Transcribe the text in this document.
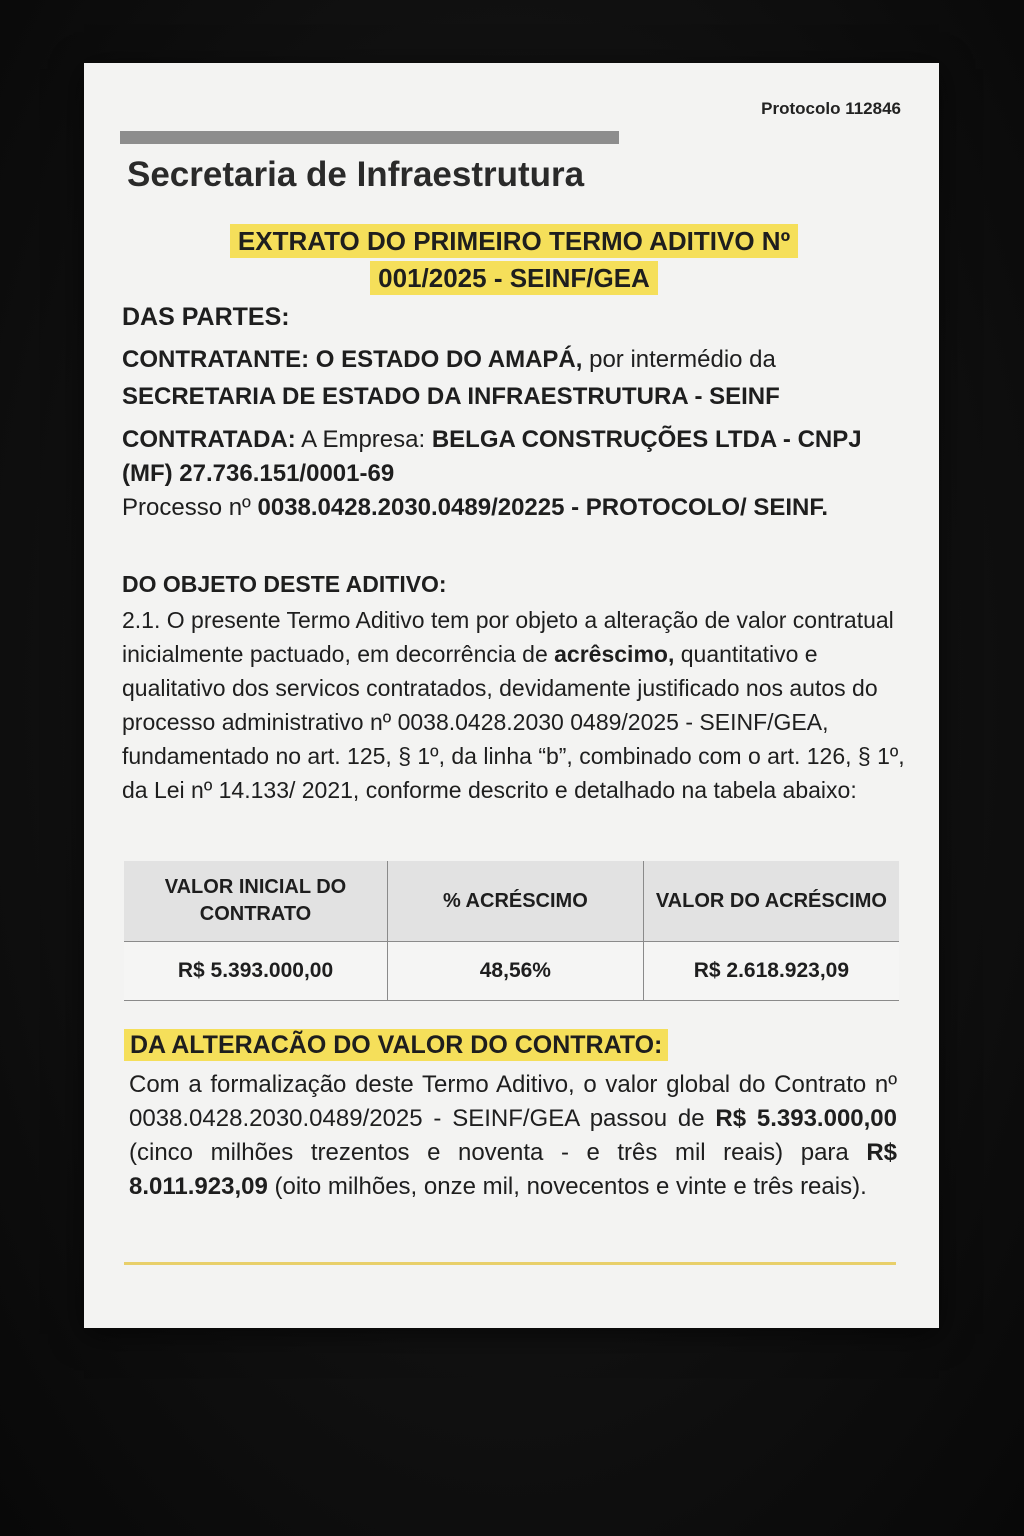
Protocolo 112846
Secretaria de Infraestrutura
EXTRATO DO PRIMEIRO TERMO ADITIVO Nº
001/2025 - SEINF/GEA

DAS PARTES:

CONTRATANTE: O ESTADO DO AMAPÁ, por intermédio da SECRETARIA DE ESTADO DA INFRAESTRUTURA - SEINF

CONTRATADA: A Empresa: BELGA CONSTRUÇÕES LTDA - CNPJ (MF) 27.736.151/0001-69
Processo nº 0038.0428.2030.0489/20225 - PROTOCOLO/ SEINF.

DO OBJETO DESTE ADITIVO:

2.1. O presente Termo Aditivo tem por objeto a alteração de valor contratual inicialmente pactuado, em decorrência de acrêscimo, quantitativo e qualitativo dos servicos contratados, devidamente justificado nos autos do processo administrativo nº 0038.0428.2030 0489/2025 - SEINF/GEA, fundamentado no art. 125, § 1º, da linha “b”, combinado com o art. 126, § 1º, da Lei nº 14.133/ 2021, conforme descrito e detalhado na tabela abaixo:

VALOR INICIAL DO CONTRATO	% ACRÉSCIMO	VALOR DO ACRÉSCIMO
R$ 5.393.000,00	48,56%	R$ 2.618.923,09

DA ALTERACÃO DO VALOR DO CONTRATO:

Com a formalização deste Termo Aditivo, o valor global do Contrato nº 0038.0428.2030.0489/2025 - SEINF/GEA passou de R$ 5.393.000,00 (cinco milhões trezentos e noventa - e três mil reais) para R$ 8.011.923,09 (oito milhões, onze mil, novecentos e vinte e três reais).
